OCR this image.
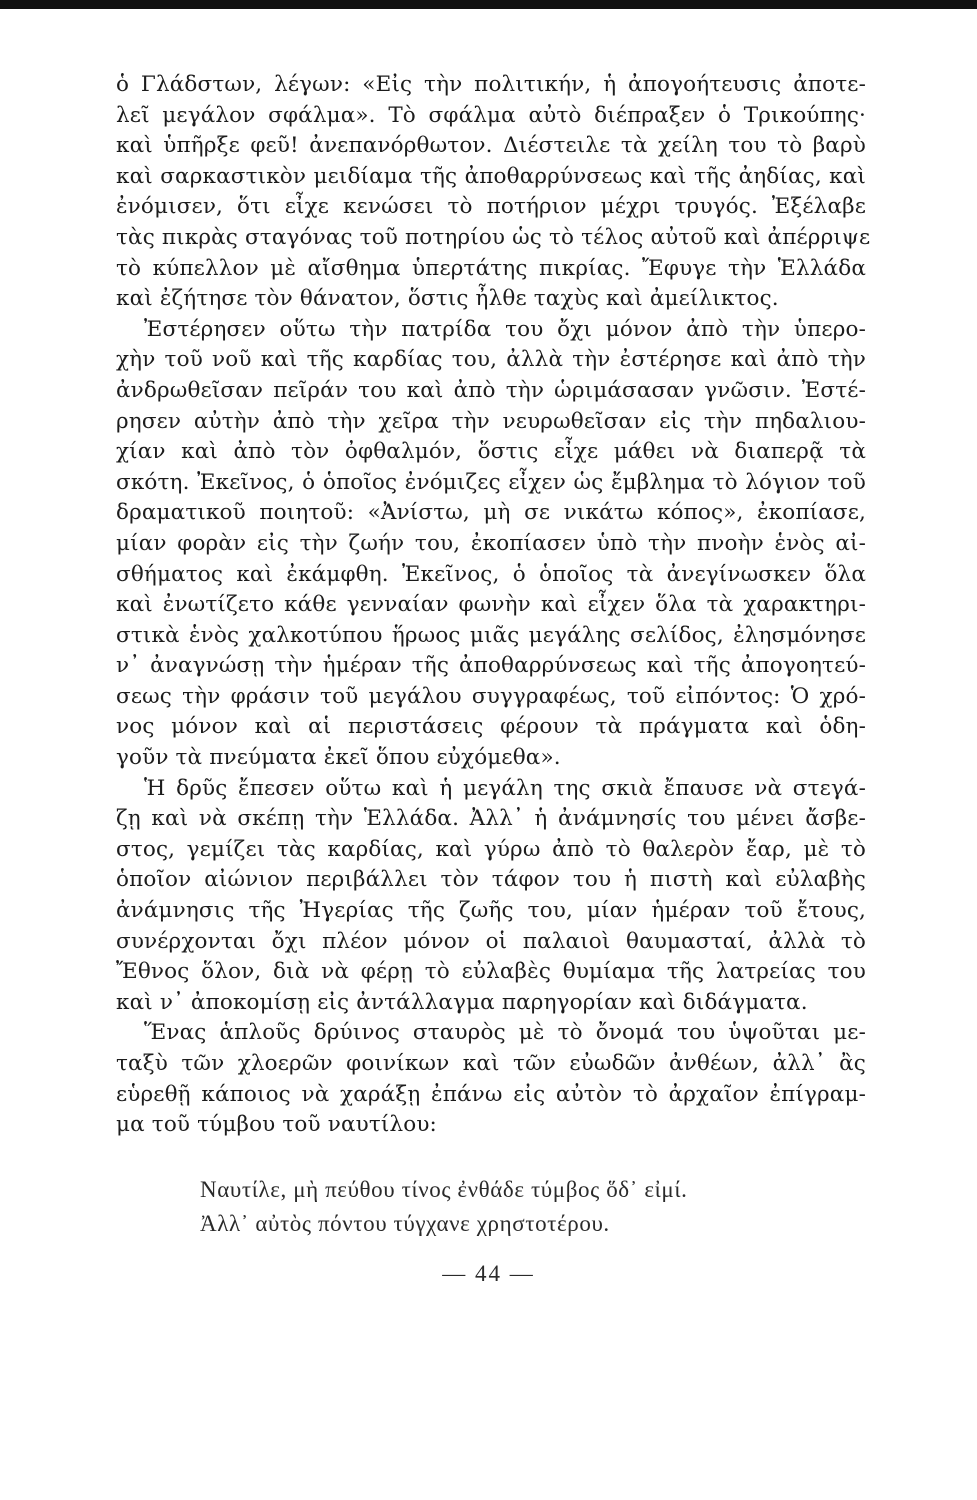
ὁ Γλάδστων, λέγων: «Εἰς τὴν πολιτικήν, ἡ ἀπογοήτευσις ἀποτε-
λεῖ μεγάλον σφάλμα». Τὸ σφάλμα αὐτὸ διέπραξεν ὁ Τρικούπης·
καὶ ὑπῆρξε φεῦ! ἀνεπανόρθωτον. Διέστειλε τὰ χείλη του τὸ βαρὺ
καὶ σαρκαστικὸν μειδίαμα τῆς ἀποθαρρύνσεως καὶ τῆς ἀηδίας, καὶ
ἐνόμισεν, ὅτι εἶχε κενώσει τὸ ποτήριον μέχρι τρυγός. Ἐξέλαβε
τὰς πικρὰς σταγόνας τοῦ ποτηρίου ὡς τὸ τέλος αὐτοῦ καὶ ἀπέρριψε
τὸ κύπελλον μὲ αἴσθημα ὑπερτάτης πικρίας. Ἔφυγε τὴν Ἑλλάδα
καὶ ἐζήτησε τὸν θάνατον, ὅστις ἦλθε ταχὺς καὶ ἀμείλικτος.
Ἐστέρησεν οὕτω τὴν πατρίδα του ὄχι μόνον ἀπὸ τὴν ὑπερο-
χὴν τοῦ νοῦ καὶ τῆς καρδίας του, ἀλλὰ τὴν ἐστέρησε καὶ ἀπὸ τὴν
ἀνδρωθεῖσαν πεῖράν του καὶ ἀπὸ τὴν ὡριμάσασαν γνῶσιν. Ἐστέ-
ρησεν αὐτὴν ἀπὸ τὴν χεῖρα τὴν νευρωθεῖσαν εἰς τὴν πηδαλιου-
χίαν καὶ ἀπὸ τὸν ὀφθαλμόν, ὅστις εἶχε μάθει νὰ διαπερᾷ τὰ
σκότη. Ἐκεῖνος, ὁ ὁποῖος ἐνόμιζες εἶχεν ὡς ἔμβλημα τὸ λόγιον τοῦ
δραματικοῦ ποιητοῦ: «Ἀνίστω, μὴ σε νικάτω κόπος», ἐκοπίασε,
μίαν φορὰν εἰς τὴν ζωήν του, ἐκοπίασεν ὑπὸ τὴν πνοὴν ἑνὸς αἰ-
σθήματος καὶ ἐκάμφθη. Ἐκεῖνος, ὁ ὁποῖος τὰ ἀνεγίνωσκεν ὅλα
καὶ ἐνωτίζετο κάθε γενναίαν φωνὴν καὶ εἶχεν ὅλα τὰ χαρακτηρι-
στικὰ ἑνὸς χαλκοτύπου ἥρωος μιᾶς μεγάλης σελίδος, ἐλησμόνησε
ν᾿ ἀναγνώσῃ τὴν ἡμέραν τῆς ἀποθαρρύνσεως καὶ τῆς ἀπογοητεύ-
σεως τὴν φράσιν τοῦ μεγάλου συγγραφέως, τοῦ εἰπόντος: Ὁ χρό-
νος μόνον καὶ αἱ περιστάσεις φέρουν τὰ πράγματα καὶ ὁδη-
γοῦν τὰ πνεύματα ἐκεῖ ὅπου εὐχόμεθα».
Ἡ δρῦς ἔπεσεν οὕτω καὶ ἡ μεγάλη της σκιὰ ἔπαυσε νὰ στεγά-
ζῃ καὶ νὰ σκέπῃ τὴν Ἑλλάδα. Ἀλλ᾿ ἡ ἀνάμνησίς του μένει ἄσβε-
στος, γεμίζει τὰς καρδίας, καὶ γύρω ἀπὸ τὸ θαλερὸν ἔαρ, μὲ τὸ
ὁποῖον αἰώνιον περιβάλλει τὸν τάφον του ἡ πιστὴ καὶ εὐλαβὴς
ἀνάμνησις τῆς Ἠγερίας τῆς ζωῆς του, μίαν ἡμέραν τοῦ ἔτους,
συνέρχονται ὄχι πλέον μόνον οἱ παλαιοὶ θαυμασταί, ἀλλὰ τὸ
Ἔθνος ὅλον, διὰ νὰ φέρῃ τὸ εὐλαβὲς θυμίαμα τῆς λατρείας του
καὶ ν᾿ ἀποκομίσῃ εἰς ἀντάλλαγμα παρηγορίαν καὶ διδάγματα.
Ἕνας ἁπλοῦς δρύινος σταυρὸς μὲ τὸ ὄνομά του ὑψοῦται με-
ταξὺ τῶν χλοερῶν φοινίκων καὶ τῶν εὐωδῶν ἀνθέων, ἀλλ᾿ ἂς
εὑρεθῇ κάποιος νὰ χαράξῃ ἐπάνω εἰς αὐτὸν τὸ ἀρχαῖον ἐπίγραμ-
μα τοῦ τύμβου τοῦ ναυτίλου:
Ναυτίλε, μὴ πεύθου τίνος ἐνθάδε τύμβος ὅδ᾿ εἰμί.
Ἀλλ᾿ αὐτὸς πόντου τύγχανε χρηστοτέρου.
— 44 —
